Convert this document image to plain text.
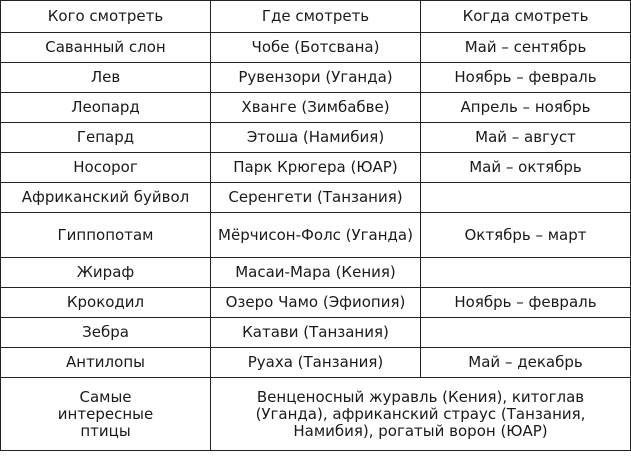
Кого смотреть	Где смотреть	Когда смотреть
Саванный слон	Чобе (Ботсвана)	Май – сентябрь
Лев	Рувензори (Уганда)	Ноябрь – февраль
Леопард	Хванге (Зимбабве)	Апрель – ноябрь
Гепард	Этоша (Намибия)	Май – август
Носорог	Парк Крюгера (ЮАР)	Май – октябрь
Африканский буйвол	Серенгети (Танзания)	
Гиппопотам	Мёрчисон-Фолс (Уганда)	Октябрь – март
Жираф	Масаи-Мара (Кения)	
Крокодил	Озеро Чамо (Эфиопия)	Ноябрь – февраль
Зебра	Катави (Танзания)	
Антилопы	Руаха (Танзания)	Май – декабрь
Самые интересные птицы	Венценосный журавль (Кения), китоглав (Уганда), африканский страус (Танзания, Намибия), рогатый ворон (ЮАР)	
